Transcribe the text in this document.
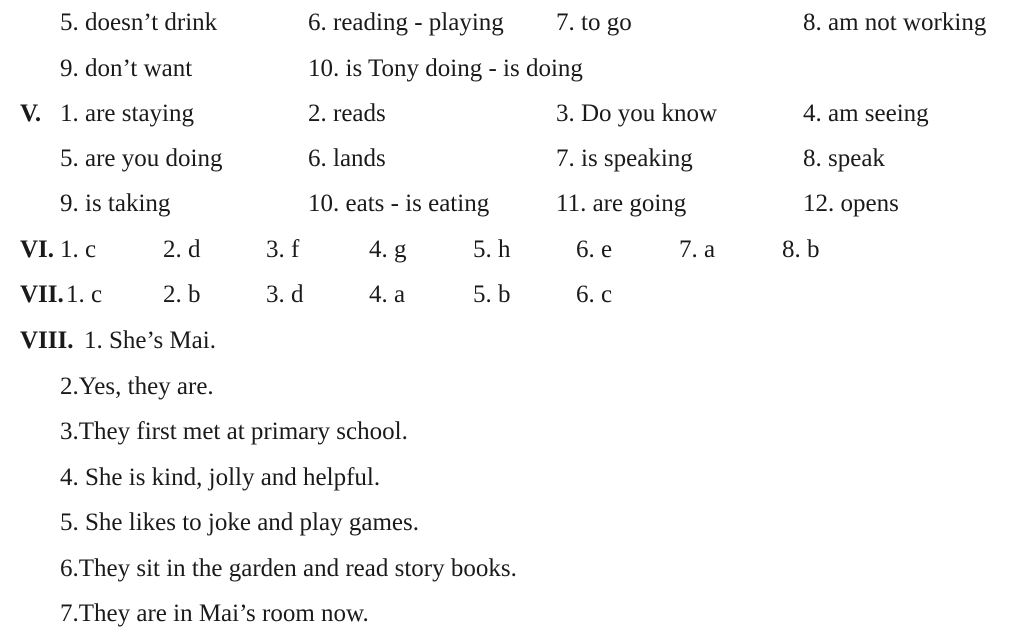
5. doesn’t drink	6. reading - playing 7. to go	8. am not working
9. don’t want	10. is Tony doing - is doing
V. 1. are staying	2. reads	3. Do you know	4. am seeing
5. are you doing	6. lands	7. is speaking	8. speak
9. is taking	10. eats - is eating	11. are going	12. opens
VI. 1. c	2. d	3. f	4. g	5. h	6. e	7. a	8. b
VII. 1. c 2. b	3. d	4. a	5. b	6. c
VIII. 1. She’s Mai.
2.Yes, they are.
3.They first met at primary school.
4. She is kind, jolly and helpful.
5. She likes to joke and play games.
6.They sit in the garden and read story books.
7.They are in Mai’s room now.
